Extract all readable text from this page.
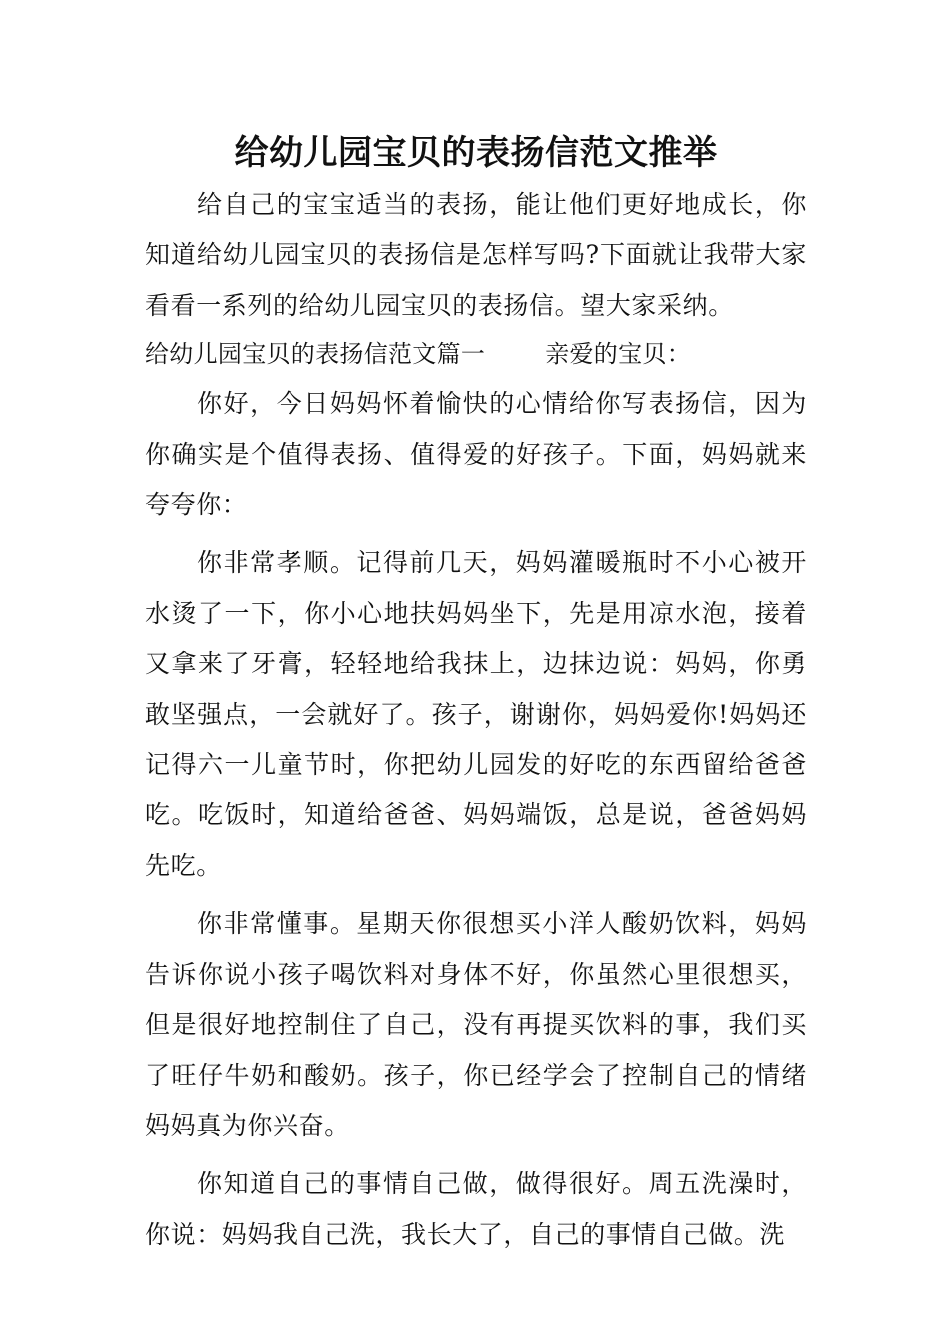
给幼儿园宝贝的表扬信范文推举

给自己的宝宝适当的表扬，能让他们更好地成长，你知道给幼儿园宝贝的表扬信是怎样写吗?下面就让我带大家看看一系列的给幼儿园宝贝的表扬信。望大家采纳。

给幼儿园宝贝的表扬信范文篇一	亲爱的宝贝：

你好，今日妈妈怀着愉快的心情给你写表扬信，因为你确实是个值得表扬、值得爱的好孩子。下面，妈妈就来夸夸你：

你非常孝顺。记得前几天，妈妈灌暖瓶时不小心被开水烫了一下，你小心地扶妈妈坐下，先是用凉水泡，接着又拿来了牙膏，轻轻地给我抹上，边抹边说：妈妈，你勇敢坚强点，一会就好了。孩子，谢谢你，妈妈爱你!妈妈还记得六一儿童节时，你把幼儿园发的好吃的东西留给爸爸吃。吃饭时，知道给爸爸、妈妈端饭，总是说，爸爸妈妈先吃。

你非常懂事。星期天你很想买小洋人酸奶饮料，妈妈告诉你说小孩子喝饮料对身体不好，你虽然心里很想买，但是很好地控制住了自己，没有再提买饮料的事，我们买了旺仔牛奶和酸奶。孩子，你已经学会了控制自己的情绪妈妈真为你兴奋。

你知道自己的事情自己做，做得很好。周五洗澡时，你说：妈妈我自己洗，我长大了，自己的事情自己做。洗
